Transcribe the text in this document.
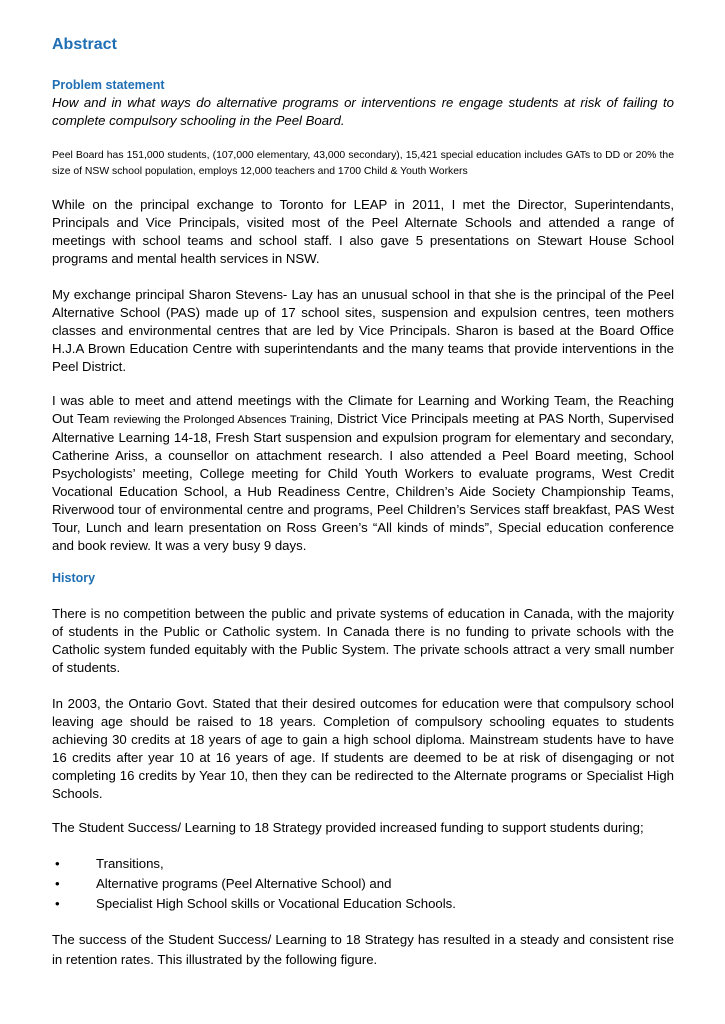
Abstract
Problem statement
How and in what ways do alternative programs or interventions re engage students at risk of failing to complete compulsory schooling in the Peel Board.
Peel Board has 151,000 students, (107,000 elementary, 43,000 secondary), 15,421 special education includes GATs to DD or 20% the size of NSW school population, employs 12,000 teachers and 1700 Child & Youth Workers
While on the principal exchange to Toronto for LEAP in 2011, I met the Director, Superintendants, Principals and Vice Principals, visited most of the Peel Alternate Schools and attended a range of meetings with school teams and school staff. I also gave 5 presentations on Stewart House School programs and mental health services in NSW.
My exchange principal Sharon Stevens- Lay has an unusual school in that she is the principal of the Peel Alternative School (PAS) made up of 17 school sites, suspension and expulsion centres, teen mothers classes and environmental centres that are led by Vice Principals. Sharon is based at the Board Office H.J.A Brown Education Centre with superintendants and the many teams that provide interventions in the Peel District.
I was able to meet and attend meetings with the Climate for Learning and Working Team, the Reaching Out Team reviewing the Prolonged Absences Training, District Vice Principals meeting at PAS North, Supervised Alternative Learning 14-18, Fresh Start suspension and expulsion program for elementary and secondary, Catherine Ariss, a counsellor on attachment research. I also attended a Peel Board meeting, School Psychologists’ meeting, College meeting for Child Youth Workers to evaluate programs, West Credit Vocational Education School, a Hub Readiness Centre, Children’s Aide Society Championship Teams, Riverwood tour of environmental centre and programs, Peel Children’s Services staff breakfast, PAS West Tour, Lunch and learn presentation on Ross Green’s “All kinds of minds”, Special education conference and book review. It was a very busy 9 days.
History
There is no competition between the public and private systems of education in Canada, with the majority of students in the Public or Catholic system. In Canada there is no funding to private schools with the Catholic system funded equitably with the Public System. The private schools attract a very small number of students.
In 2003, the Ontario Govt. Stated that their desired outcomes for education were that compulsory school leaving age should be raised to 18 years. Completion of compulsory schooling equates to students achieving 30 credits at 18 years of age to gain a high school diploma. Mainstream students have to have 16 credits after year 10 at 16 years of age. If students are deemed to be at risk of disengaging or not completing 16 credits by Year 10, then they can be redirected to the Alternate programs or Specialist High Schools.
The Student Success/ Learning to 18 Strategy provided increased funding to support students during;
•	Transitions,
•	Alternative programs (Peel Alternative School) and
•	Specialist High School skills or Vocational Education Schools.
The success of the Student Success/ Learning to 18 Strategy has resulted in a steady and consistent rise in retention rates. This illustrated by the following figure.
